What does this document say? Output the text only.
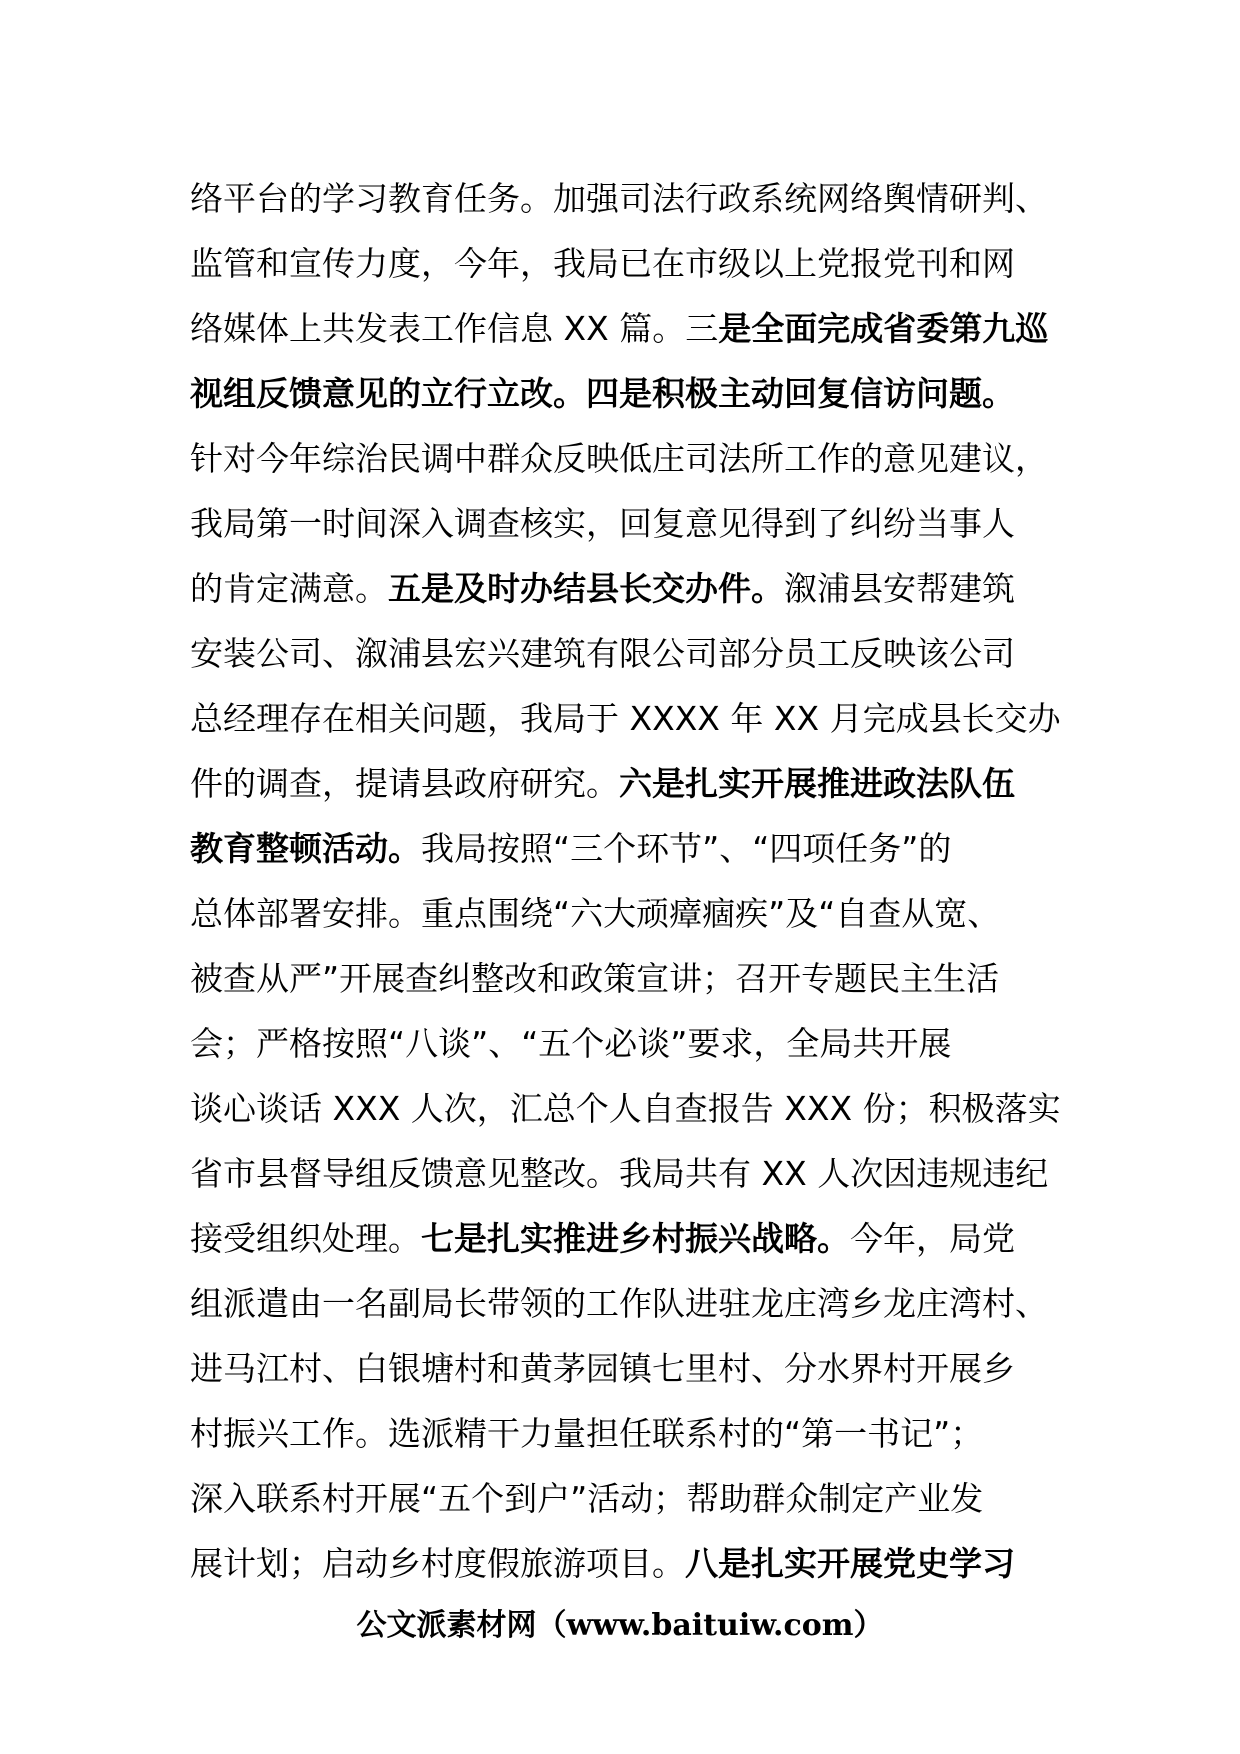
络平台的学习教育任务。加强司法行政系统网络舆情研判、
监管和宣传力度，今年，我局已在市级以上党报党刊和网
络媒体上共发表工作信息 XX 篇。三是全面完成省委第九巡
视组反馈意见的立行立改。四是积极主动回复信访问题。
针对今年综治民调中群众反映低庄司法所工作的意见建议，
我局第一时间深入调查核实，回复意见得到了纠纷当事人
的肯定满意。五是及时办结县长交办件。溆浦县安帮建筑
安装公司、溆浦县宏兴建筑有限公司部分员工反映该公司
总经理存在相关问题，我局于 XXXX 年 XX 月完成县长交办
件的调查，提请县政府研究。六是扎实开展推进政法队伍
教育整顿活动。我局按照“三个环节”、“四项任务”的
总体部署安排。重点围绕“六大顽瘴痼疾”及“自查从宽、
被查从严”开展查纠整改和政策宣讲；召开专题民主生活
会；严格按照“八谈”、“五个必谈”要求，全局共开展
谈心谈话 XXX 人次，汇总个人自查报告 XXX 份；积极落实
省市县督导组反馈意见整改。我局共有 XX 人次因违规违纪
接受组织处理。七是扎实推进乡村振兴战略。今年，局党
组派遣由一名副局长带领的工作队进驻龙庄湾乡龙庄湾村、
进马江村、白银塘村和黄茅园镇七里村、分水界村开展乡
村振兴工作。选派精干力量担任联系村的“第一书记”；
深入联系村开展“五个到户”活动；帮助群众制定产业发
展计划；启动乡村度假旅游项目。八是扎实开展党史学习
公文派素材网（www.baituiw.com）
